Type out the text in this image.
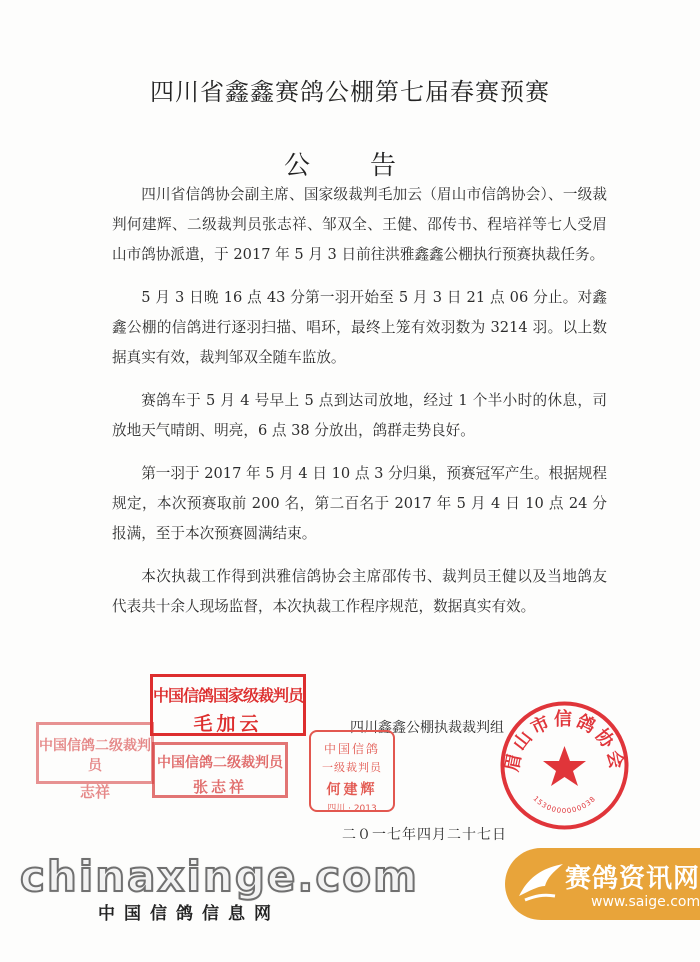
四川省鑫鑫赛鸽公棚第七届春赛预赛
公告

四川省信鸽协会副主席、国家级裁判毛加云（眉山市信鸽协会）、一级裁判何建辉、二级裁判员张志祥、邹双全、王健、邵传书、程培祥等七人受眉山市鸽协派遣，于 2017 年 5 月 3 日前往洪雅鑫鑫公棚执行预赛执裁任务。

5 月 3 日晚 16 点 43 分第一羽开始至 5 月 3 日 21 点 06 分止。对鑫鑫公棚的信鸽进行逐羽扫描、唱环，最终上笼有效羽数为 3214 羽。以上数据真实有效，裁判邹双全随车监放。

赛鸽车于 5 月 4 号早上 5 点到达司放地，经过 1 个半小时的休息，司放地天气晴朗、明亮，6 点 38 分放出，鸽群走势良好。

第一羽于 2017 年 5 月 4 日 10 点 3 分归巢，预赛冠军产生。根据规程规定，本次预赛取前 200 名，第二百名于 2017 年 5 月 4 日 10 点 24 分报满，至于本次预赛圆满结束。

本次执裁工作得到洪雅信鸽协会主席邵传书、裁判员王健以及当地鸽友代表共十余人现场监督，本次执裁工作程序规范，数据真实有效。

四川鑫鑫公棚执裁裁判组
二０一七年四月二十七日
中国信鸽二级裁判员
志祥
中国信鸽国家级裁判员
毛加云
中国信鸽二级裁判员
张志祥
中国信鸽
一级裁判员
何建辉
四川 · 2013
眉山市信鸽协会
1530000000038
chinaxinge.com
中国信鸽信息网
赛鸽资讯网
www.saige.com
